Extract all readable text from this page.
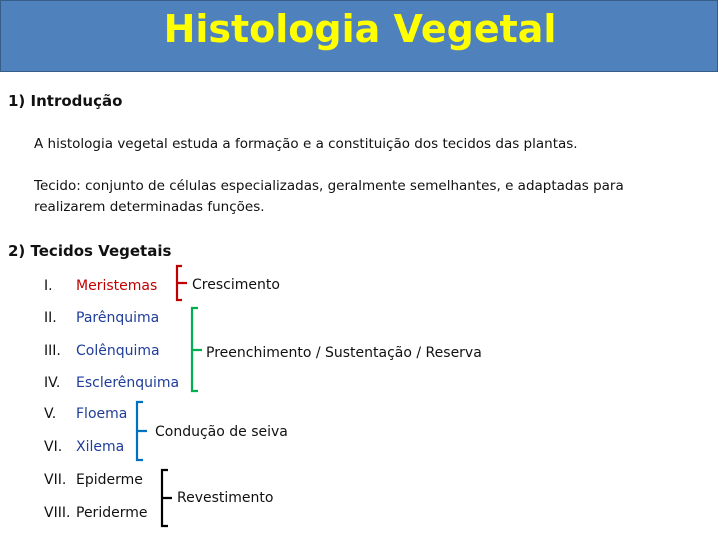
Histologia Vegetal
1) Introdução
A histologia vegetal estuda a formação e a constituição dos tecidos das plantas.
Tecido: conjunto de células especializadas, geralmente semelhantes, e adaptadas para
realizarem determinadas funções.
2) Tecidos Vegetais
I. Meristemas
II. Parênquima
III. Colênquima
IV. Esclerênquima
V. Floema
VI. Xilema
VII. Epiderme
VIII. Periderme
Crescimento
Preenchimento / Sustentação / Reserva
Condução de seiva
Revestimento
